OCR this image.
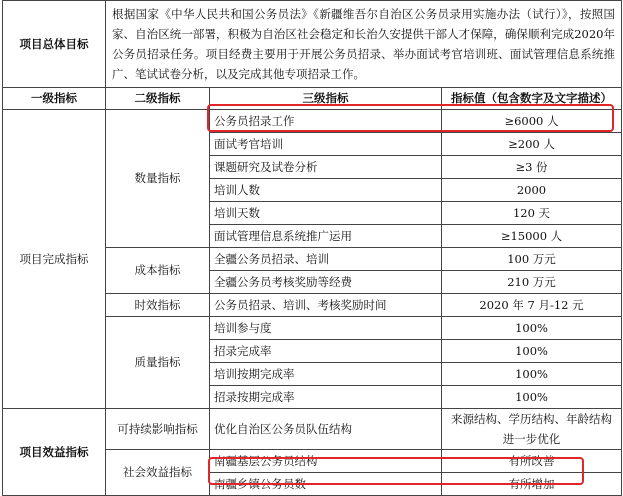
项目总体目标	根据国家《中华人民共和国公务员法》《新疆维吾尔自治区公务员录用实施办法（试行）》，按照国家、自治区统一部署，积极为自治区社会稳定和长治久安提供干部人才保障，确保顺利完成2020年公务员招录任务。项目经费主要用于开展公务员招录、举办面试考官培训班、面试管理信息系统推广、笔试试卷分析，以及完成其他专项招录工作。		
一级指标	二级指标	三级指标	指标值（包含数字及文字描述）
项目完成指标	数量指标	公务员招录工作	≥6000 人
		面试考官培训	≥200 人
		课题研究及试卷分析	≥3 份
		培训人数	2000
		培训天数	120 天
		面试管理信息系统推广运用	≥15000 人
	成本指标	全疆公务员招录、培训	100 万元
		全疆公务员考核奖励等经费	210 万元
	时效指标	公务员招录、培训、考核奖励时间	2020 年 7 月-12 元
	质量指标	培训参与度	100%
		招录完成率	100%
		培训按期完成率	100%
		招录按期完成率	100%
项目效益指标	可持续影响指标	优化自治区公务员队伍结构	来源结构、学历结构、年龄结构进一步优化
	社会效益指标	南疆基层公务员结构	有所改善
		南疆乡镇公务员数	有所增加
